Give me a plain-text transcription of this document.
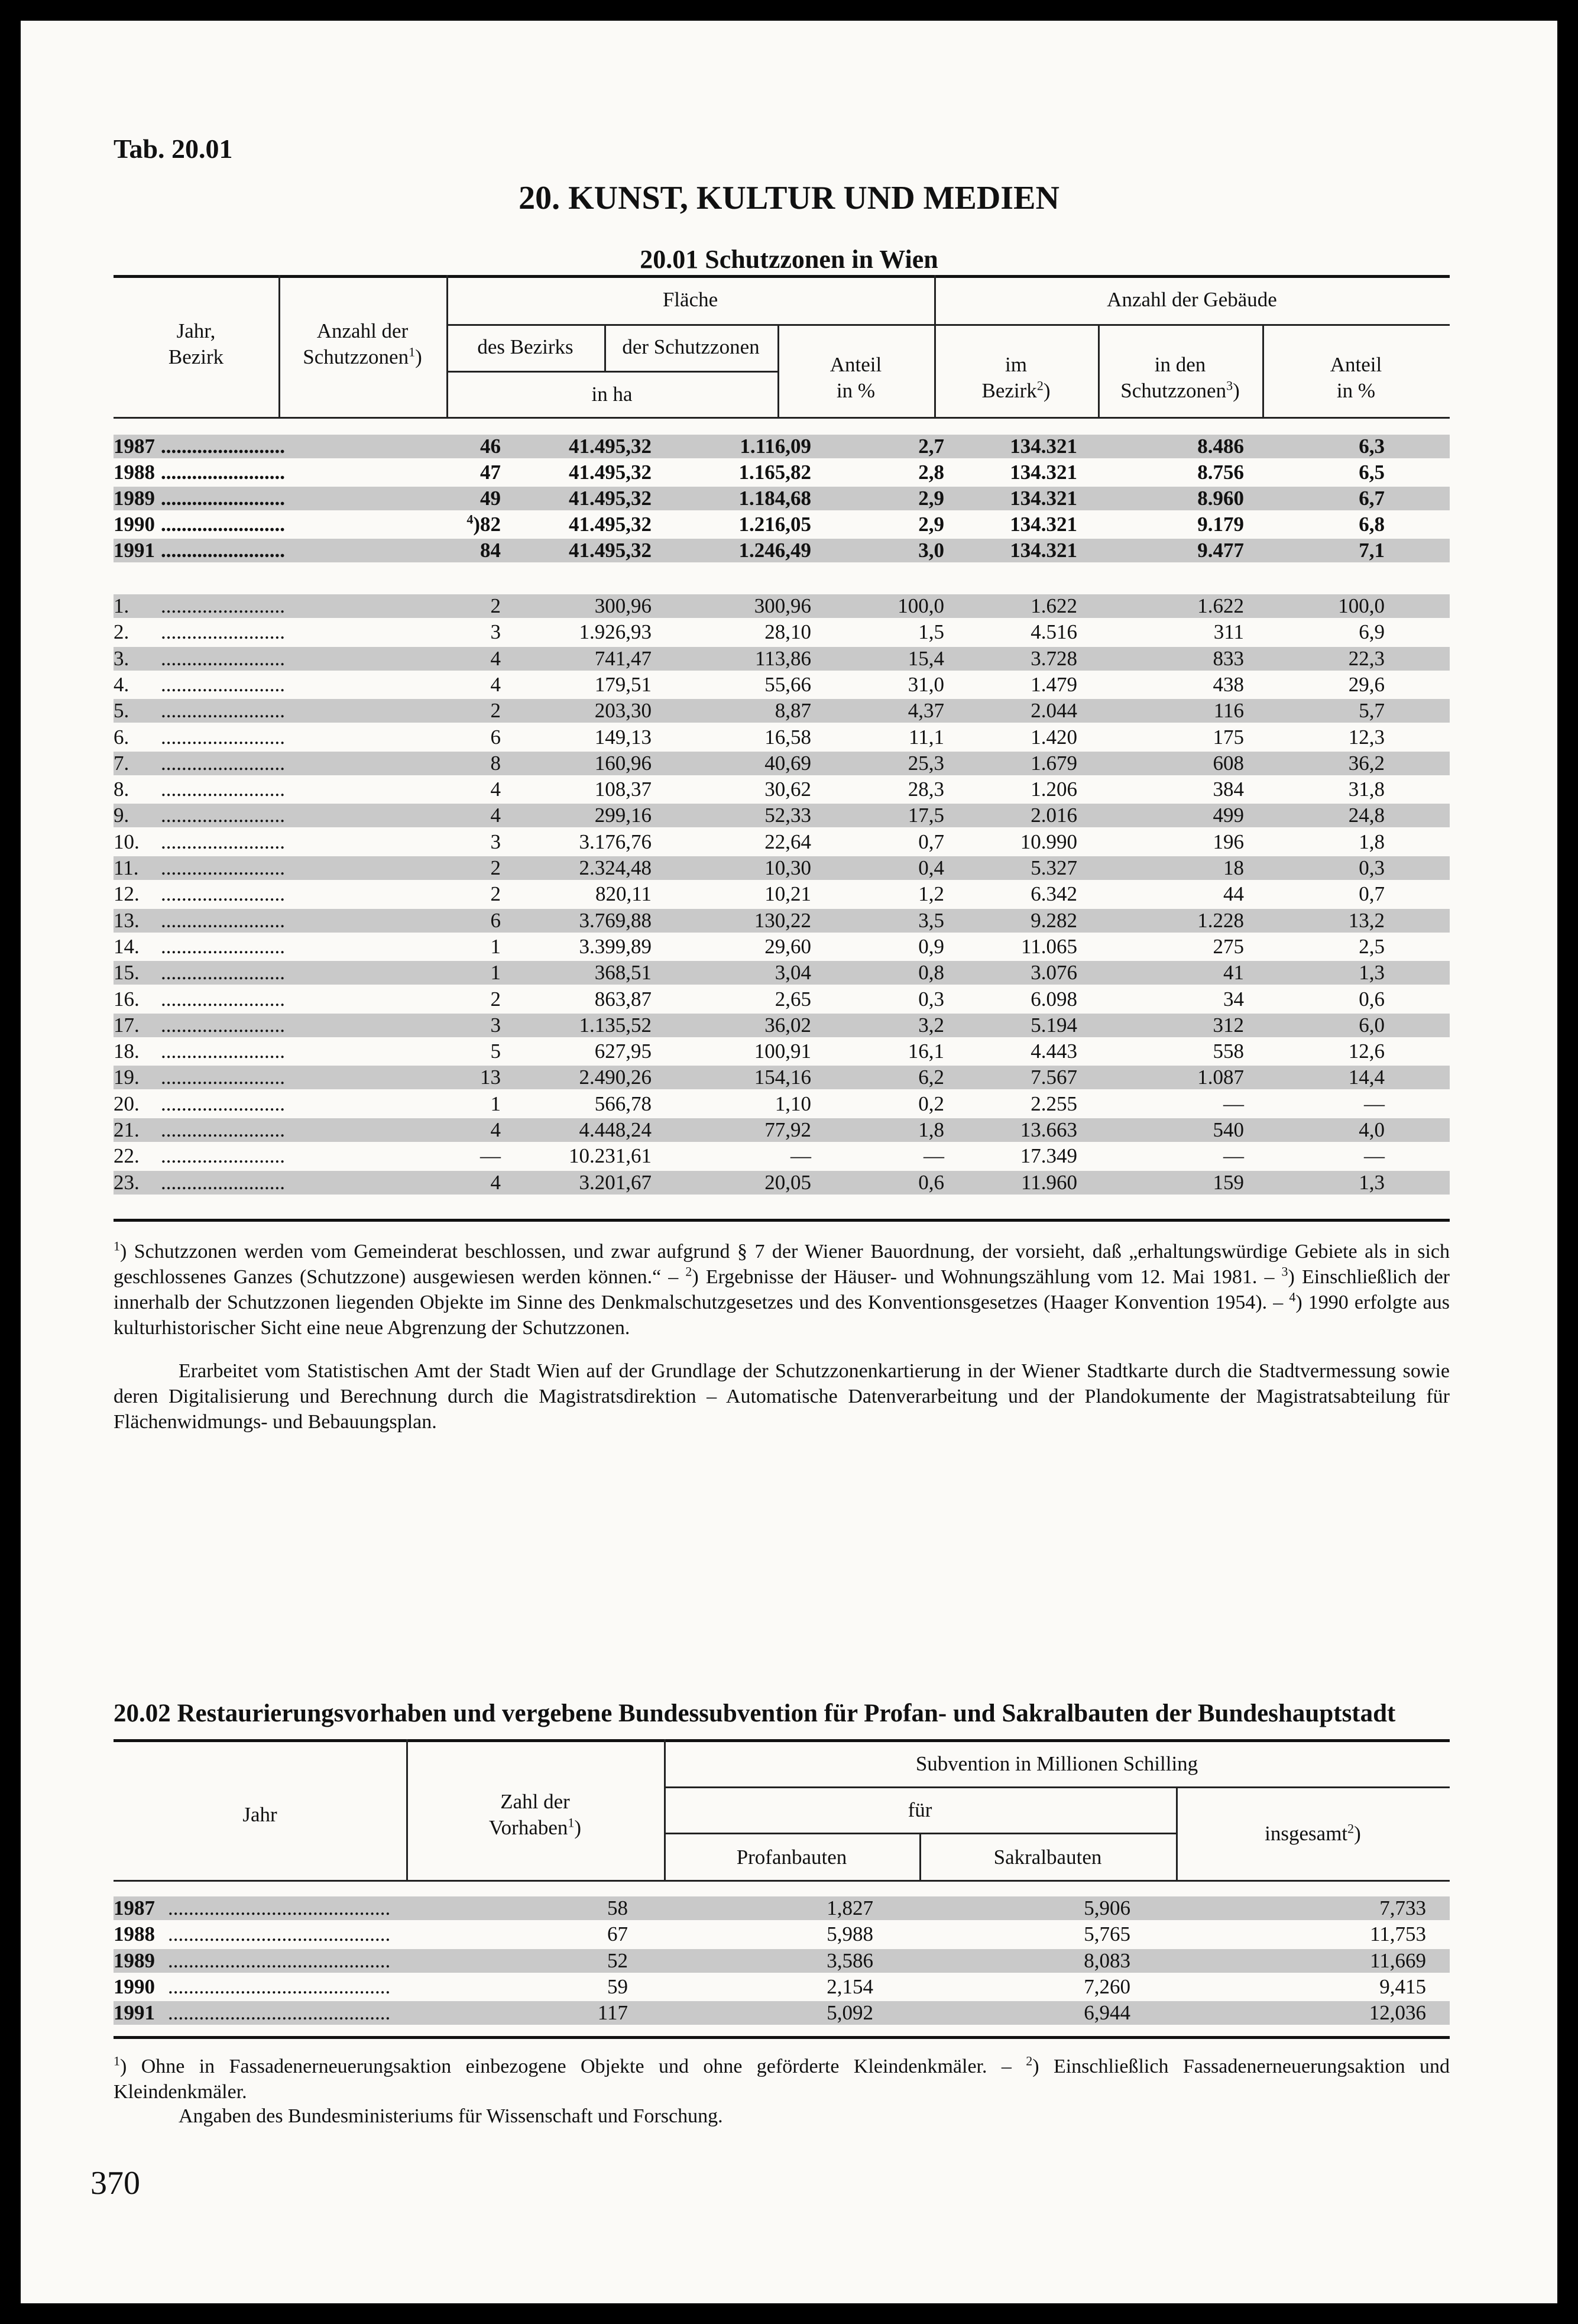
Tab. 20.01
20. KUNST, KULTUR UND MEDIEN
20.01 Schutzzonen in Wien
Jahr,
Bezirk
Anzahl der
Schutzzonen$^1$)
Fläche
des Bezirks	der Schutzzonen
in ha
Anteil
in %
Anzahl der Gebäude
im
Bezirk$^2$)
in den
Schutzzonen$^3$)
Anteil
in %
1987 ........................	46	41.495,32	1.116,09	2,7	134.321	8.486	6,3
1988 ........................	47	41.495,32	1.165,82	2,8	134.321	8.756	6,5
1989 ........................	49	41.495,32	1.184,68	2,9	134.321	8.960	6,7
1990 ........................	$^4$)82	41.495,32	1.216,05	2,9	134.321	9.179	6,8
1991 ........................	84	41.495,32	1.246,49	3,0	134.321	9.477	7,1
1. ........................	2	300,96	300,96	100,0	1.622	1.622	100,0
2. ........................	3	1.926,93	28,10	1,5	4.516	311	6,9
3. ........................	4	741,47	113,86	15,4	3.728	833	22,3
4. ........................	4	179,51	55,66	31,0	1.479	438	29,6
5. ........................	2	203,30	8,87	4,37	2.044	116	5,7
6. ........................	6	149,13	16,58	11,1	1.420	175	12,3
7. ........................	8	160,96	40,69	25,3	1.679	608	36,2
8. ........................	4	108,37	30,62	28,3	1.206	384	31,8
9. ........................	4	299,16	52,33	17,5	2.016	499	24,8
10. ........................	3	3.176,76	22,64	0,7	10.990	196	1,8
11. ........................	2	2.324,48	10,30	0,4	5.327	18	0,3
12. ........................	2	820,11	10,21	1,2	6.342	44	0,7
13. ........................	6	3.769,88	130,22	3,5	9.282	1.228	13,2
14. ........................	1	3.399,89	29,60	0,9	11.065	275	2,5
15. ........................	1	368,51	3,04	0,8	3.076	41	1,3
16. ........................	2	863,87	2,65	0,3	6.098	34	0,6
17. ........................	3	1.135,52	36,02	3,2	5.194	312	6,0
18. ........................	5	627,95	100,91	16,1	4.443	558	12,6
19. ........................	13	2.490,26	154,16	6,2	7.567	1.087	14,4
20. ........................	1	566,78	1,10	0,2	2.255	—	—
21. ........................	4	4.448,24	77,92	1,8	13.663	540	4,0
22. ........................	—	10.231,61	—	—	17.349	—	—
23. ........................	4	3.201,67	20,05	0,6	11.960	159	1,3
$^1$) Schutzzonen werden vom Gemeinderat beschlossen, und zwar aufgrund § 7 der Wiener Bauordnung, der vorsieht, daß „erhaltungswürdige Gebiete als in sich geschlossenes Ganzes (Schutzzone) ausgewiesen werden können.“ – $^2$) Ergebnisse der Häuser- und Wohnungszählung vom 12. Mai 1981. – $^3$) Einschließlich der innerhalb der Schutzzonen liegenden Objekte im Sinne des Denkmalschutzgesetzes und des Konventionsgesetzes (Haager Konvention 1954). – $^4$) 1990 erfolgte aus kulturhistorischer Sicht eine neue Abgrenzung der Schutzzonen.
Erarbeitet vom Statistischen Amt der Stadt Wien auf der Grundlage der Schutzzonenkartierung in der Wiener Stadtkarte durch die Stadtvermessung sowie deren Digitalisierung und Berechnung durch die Magistratsdirektion – Automatische Datenverarbeitung und der Plandokumente der Magistratsabteilung für Flächenwidmungs- und Bebauungsplan.
20.02 Restaurierungsvorhaben und vergebene Bundessubvention für Profan- und Sakralbauten der Bundeshauptstadt
Jahr
Zahl der
Vorhaben$^1$)
Subvention in Millionen Schilling
für
Profanbauten	Sakralbauten
insgesamt$^2$)
1987 ...........................................	58	1,827	5,906	7,733
1988 ...........................................	67	5,988	5,765	11,753
1989 ...........................................	52	3,586	8,083	11,669
1990 ...........................................	59	2,154	7,260	9,415
1991 ...........................................	117	5,092	6,944	12,036
$^1$) Ohne in Fassadenerneuerungsaktion einbezogene Objekte und ohne geförderte Kleindenkmäler. – $^2$) Einschließlich Fassadenerneuerungsaktion und Kleindenkmäler.
Angaben des Bundesministeriums für Wissenschaft und Forschung.
370
